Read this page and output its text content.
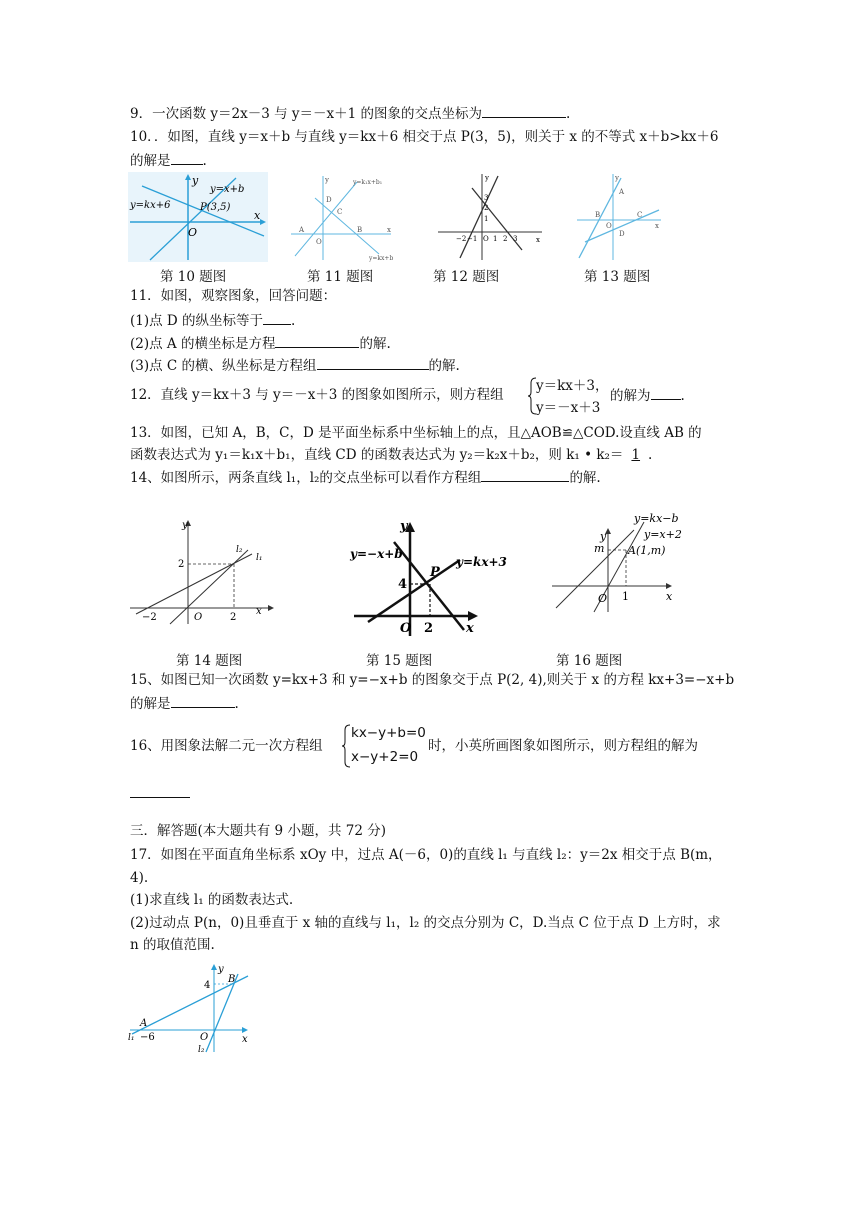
9．一次函数 y＝2x－3 与 y＝－x＋1 的图象的交点坐标为	.
10．．如图，直线 y＝x＋b 与直线 y＝kx＋6 相交于点 P(3，5)，则关于 x 的不等式 x＋b>kx＋6
的解是 .
y
x
O
y=x+b
y=kx+6	P(3,5)
y
x
O
A	B
C
D
y=k₁x+b₁
y=kx+b
y
x
3
2
1
−2 −1 O 1 2 3
y
x
A
B	C
D
O
第 10 题图	第 11 题图	第 12 题图	第 13 题图
11．如图，观察图象，回答问题：
(1)点 D 的纵坐标等于 .
(2)点 A 的横坐标是方程	的解.
(3)点 C 的横、纵坐标是方程组	的解.
12．直线 y＝kx＋3 与 y＝－x＋3 的图象如图所示，则方程组
y＝kx＋3，
y＝－x＋3
的解为 .
13．如图，已知 A，B，C，D 是平面坐标系中坐标轴上的点，且△AOB≌△COD.设直线 AB 的
函数表达式为 y₁＝k₁x＋b₁，直线 CD 的函数表达式为 y₂＝k₂x＋b₂，则 k₁ • k₂＝ 1 .
14、如图所示，两条直线 l₁，l₂的交点坐标可以看作方程组	的解.
y
x
O
2
−2	2
l₁
l₂
y
x
O
y=−x+b
y=kx+3
P
4
2
y
x
O
y=kx−b
y=x+2
A(1,m)
m
1
第 14 题图	第 15 题图	第 16 题图
15、如图已知一次函数 y=kx+3 和 y=−x+b 的图象交于点 P(2, 4),则关于 x 的方程 kx+3=−x+b
的解是	.
16、用图象法解二元一次方程组
kx−y+b=0
x−y+2=0
时，小英所画图象如图所示，则方程组的解为
三．解答题(本大题共有 9 小题，共 72 分)
17．如图在平面直角坐标系 xOy 中，过点 A(－6，0)的直线 l₁ 与直线 l₂：y＝2x 相交于点 B(m，
4).
(1)求直线 l₁ 的函数表达式.
(2)过动点 P(n，0)且垂直于 x 轴的直线与 l₁，l₂ 的交点分别为 C，D.当点 C 位于点 D 上方时，求
n 的取值范围.
y
x
O
A
B
4
−6
l₁
l₂
